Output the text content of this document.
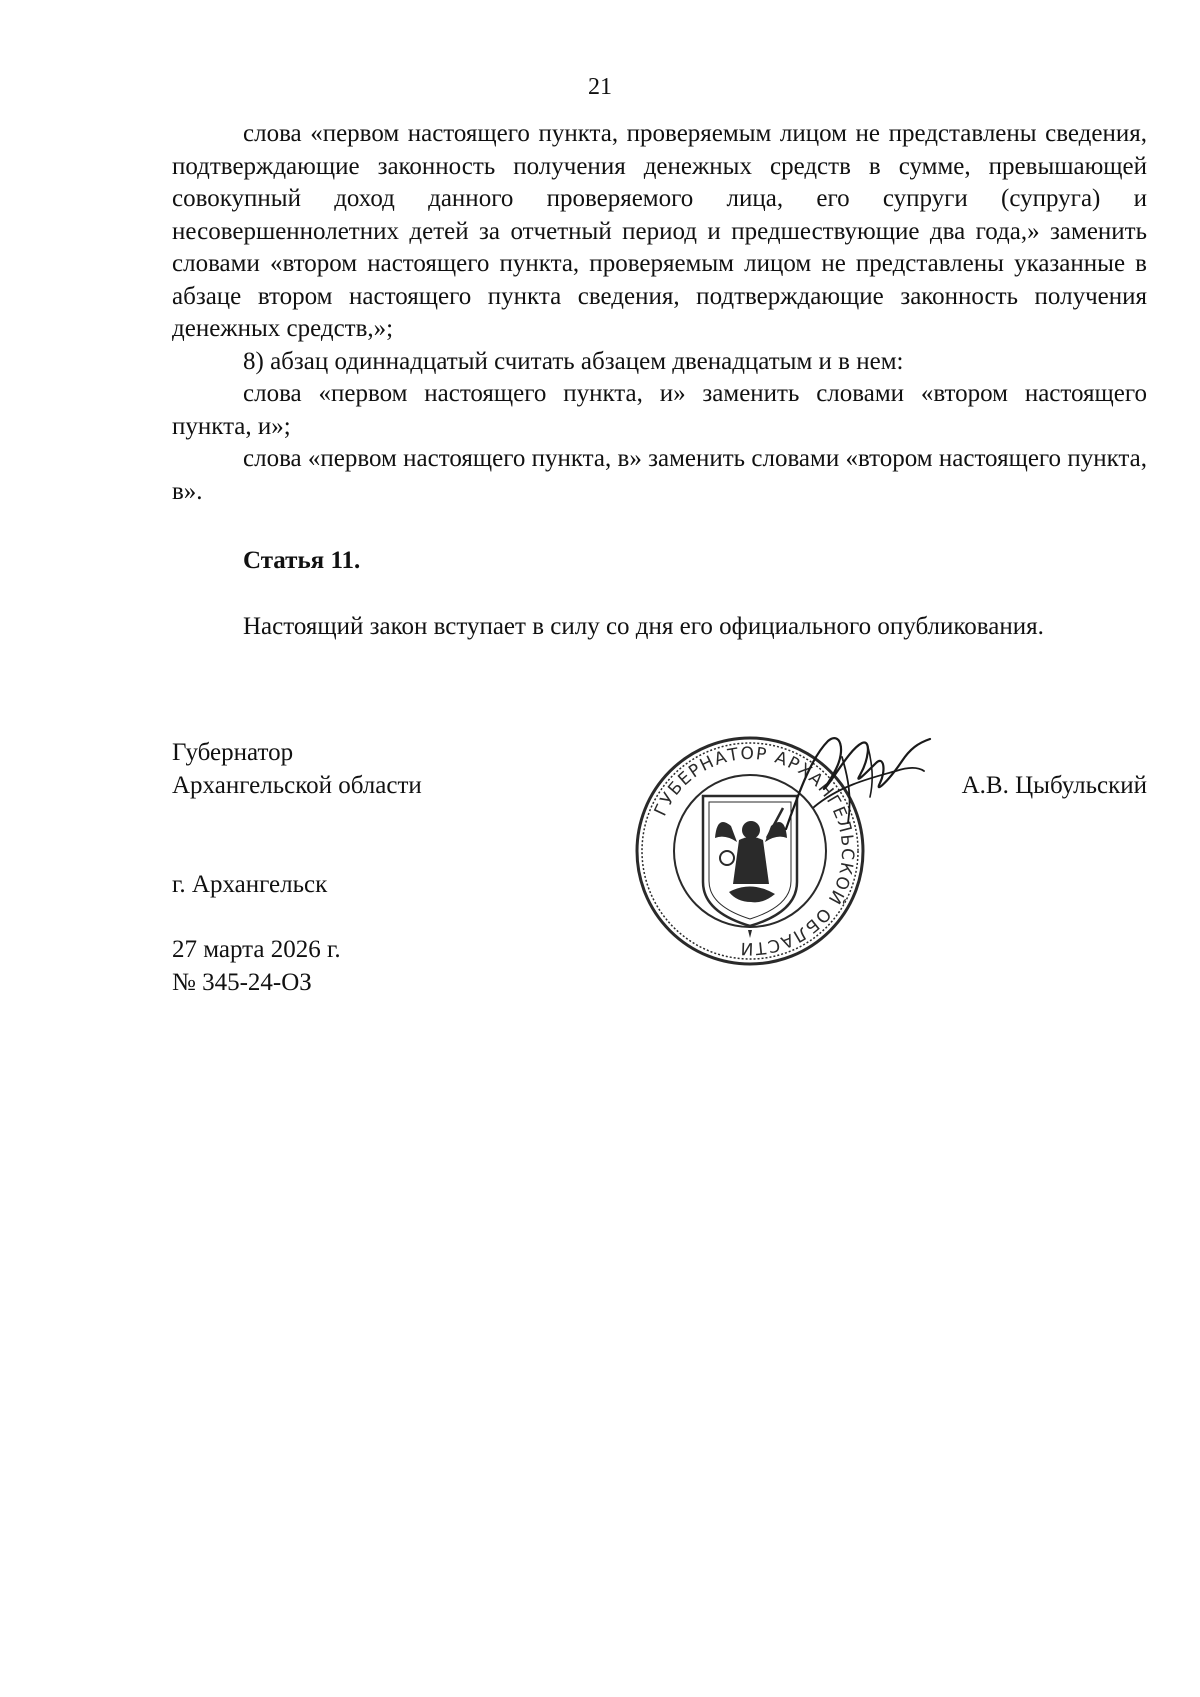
21

слова «первом настоящего пункта, проверяемым лицом не представлены сведения, подтверждающие законность получения денежных средств в сумме, превышающей совокупный доход данного проверяемого лица, его супруги (супруга) и несовершеннолетних детей за отчетный период и предшествующие два года,» заменить словами «втором настоящего пункта, проверяемым лицом не представлены указанные в абзаце втором настоящего пункта сведения, подтверждающие законность получения денежных средств,»;

8) абзац одиннадцатый считать абзацем двенадцатым и в нем:

слова «первом настоящего пункта, и» заменить словами «втором настоящего пункта, и»;

слова «первом настоящего пункта, в» заменить словами «втором настоящего пункта, в».

Статья 11.

Настоящий закон вступает в силу со дня его официального опубликования.

Губернатор
Архангельской области
ГУБЕРНАТОР АРХАНГЕЛЬСКОЙ ОБЛАСТИ
А.В. Цыбульский
г. Архангельск
27 марта 2026 г.
№ 345-24-ОЗ
